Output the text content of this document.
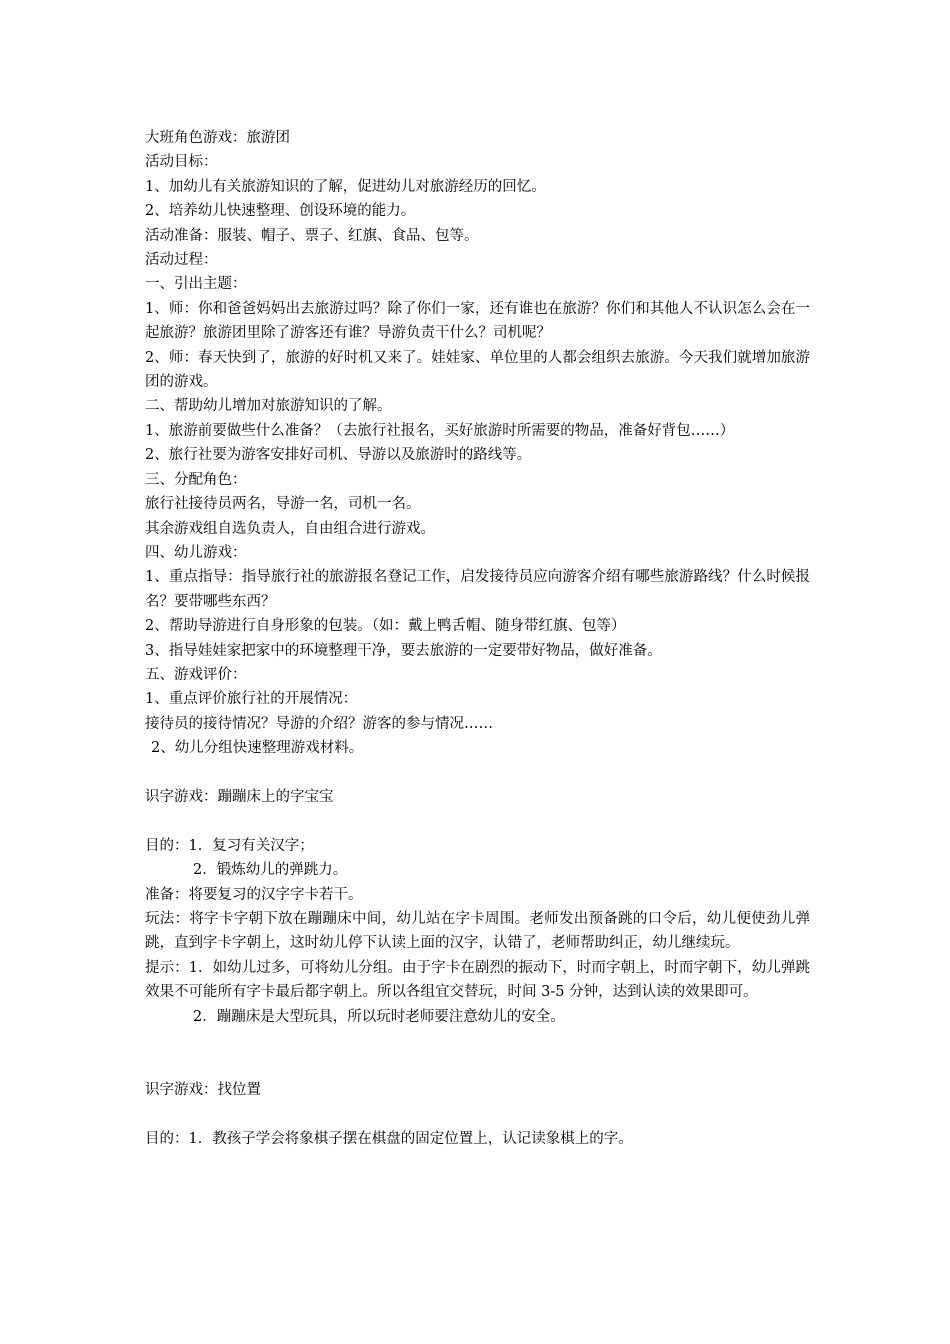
大班角色游戏：旅游团

活动目标：

1、加幼儿有关旅游知识的了解，促进幼儿对旅游经历的回忆。

2、培养幼儿快速整理、创设环境的能力。

活动准备：服装、帽子、票子、红旗、食品、包等。

活动过程：

一、引出主题：

1、师：你和爸爸妈妈出去旅游过吗？除了你们一家，还有谁也在旅游？你们和其他人不认识怎么会在一起旅游？旅游团里除了游客还有谁？导游负责干什么？司机呢？

2、师：春天快到了，旅游的好时机又来了。娃娃家、单位里的人都会组织去旅游。今天我们就增加旅游团的游戏。

二、帮助幼儿增加对旅游知识的了解。

1、旅游前要做些什么准备？（去旅行社报名，买好旅游时所需要的物品，准备好背包……）

2、旅行社要为游客安排好司机、导游以及旅游时的路线等。

三、分配角色：

旅行社接待员两名，导游一名，司机一名。

其余游戏组自选负责人，自由组合进行游戏。

四、幼儿游戏：

1、重点指导：指导旅行社的旅游报名登记工作，启发接待员应向游客介绍有哪些旅游路线？什么时候报名？要带哪些东西？

2、帮助导游进行自身形象的包装。（如：戴上鸭舌帽、随身带红旗、包等）

3、指导娃娃家把家中的环境整理干净，要去旅游的一定要带好物品，做好准备。

五、游戏评价：

1、重点评价旅行社的开展情况：

接待员的接待情况？导游的介绍？游客的参与情况……

2、幼儿分组快速整理游戏材料。

识字游戏：蹦蹦床上的字宝宝

目的：1．复习有关汉字；

2．锻炼幼儿的弹跳力。

准备：将要复习的汉字字卡若干。

玩法：将字卡字朝下放在蹦蹦床中间，幼儿站在字卡周围。老师发出预备跳的口令后，幼儿便使劲儿弹跳，直到字卡字朝上，这时幼儿停下认读上面的汉字，认错了，老师帮助纠正，幼儿继续玩。

提示：1．如幼儿过多，可将幼儿分组。由于字卡在剧烈的振动下，时而字朝上，时而字朝下，幼儿弹跳效果不可能所有字卡最后都字朝上。所以各组宜交替玩，时间 3-5 分钟，达到认读的效果即可。

2．蹦蹦床是大型玩具，所以玩时老师要注意幼儿的安全。

识字游戏：找位置

目的：1．教孩子学会将象棋子摆在棋盘的固定位置上，认记读象棋上的字。
